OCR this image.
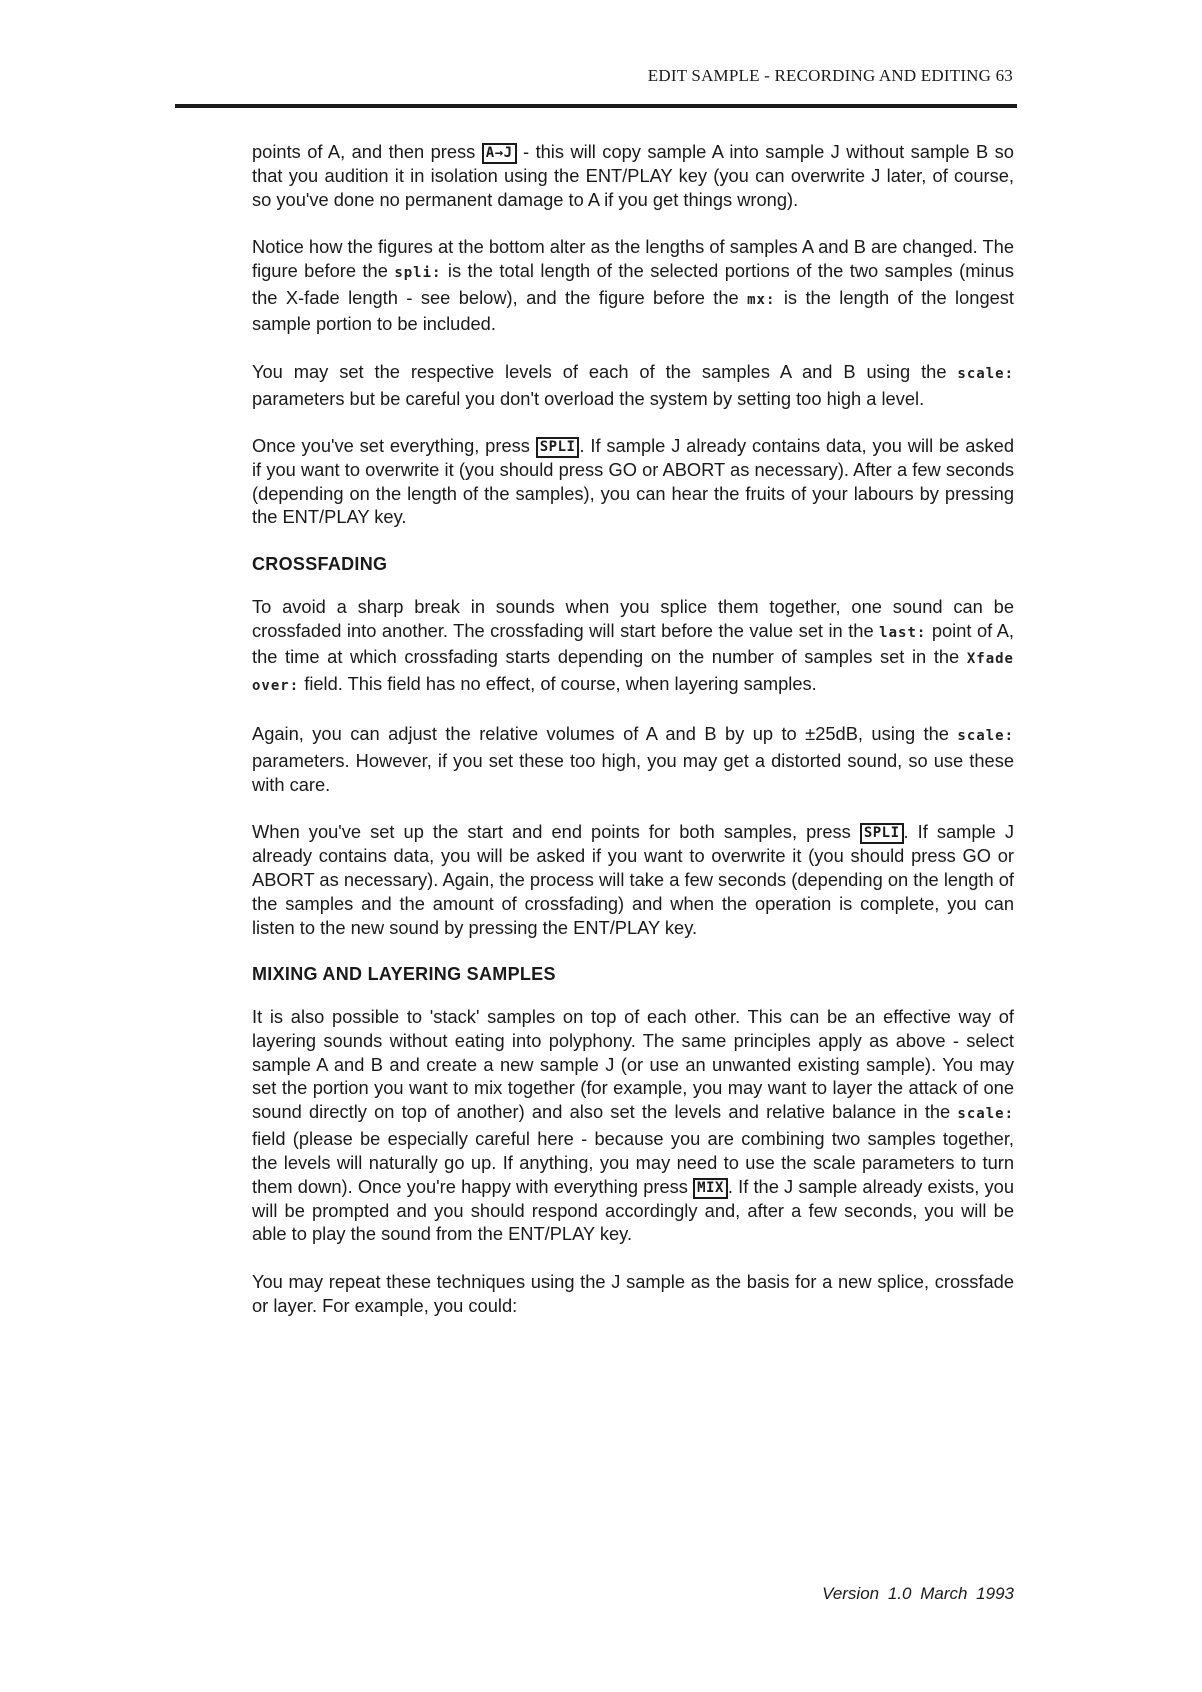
EDIT SAMPLE - RECORDING AND EDITING 63

points of A, and then press A→J - this will copy sample A into sample J without sample B so that you audition it in isolation using the ENT/PLAY key (you can overwrite J later, of course, so you've done no permanent damage to A if you get things wrong).

Notice how the figures at the bottom alter as the lengths of samples A and B are changed. The figure before the spli: is the total length of the selected portions of the two samples (minus the X-fade length - see below), and the figure before the mx: is the length of the longest sample portion to be included.

You may set the respective levels of each of the samples A and B using the scale: parameters but be careful you don't overload the system by setting too high a level.

Once you've set everything, press SPLI . If sample J already contains data, you will be asked if you want to overwrite it (you should press GO or ABORT as necessary). After a few seconds (depending on the length of the samples), you can hear the fruits of your labours by pressing the ENT/PLAY key.

CROSSFADING

To avoid a sharp break in sounds when you splice them together, one sound can be crossfaded into another. The crossfading will start before the value set in the last: point of A, the time at which crossfading starts depending on the number of samples set in the Xfade over: field. This field has no effect, of course, when layering samples.

Again, you can adjust the relative volumes of A and B by up to ±25dB, using the scale: parameters. However, if you set these too high, you may get a distorted sound, so use these with care.

When you've set up the start and end points for both samples, press SPLI . If sample J already contains data, you will be asked if you want to overwrite it (you should press GO or ABORT as necessary). Again, the process will take a few seconds (depending on the length of the samples and the amount of crossfading) and when the operation is complete, you can listen to the new sound by pressing the ENT/PLAY key.

MIXING AND LAYERING SAMPLES

It is also possible to 'stack' samples on top of each other. This can be an effective way of layering sounds without eating into polyphony. The same principles apply as above - select sample A and B and create a new sample J (or use an unwanted existing sample). You may set the portion you want to mix together (for example, you may want to layer the attack of one sound directly on top of another) and also set the levels and relative balance in the scale: field (please be especially careful here - because you are combining two samples together, the levels will naturally go up. If anything, you may need to use the scale parameters to turn them down). Once you're happy with everything press MIX . If the J sample already exists, you will be prompted and you should respond accordingly and, after a few seconds, you will be able to play the sound from the ENT/PLAY key.

You may repeat these techniques using the J sample as the basis for a new splice, crossfade or layer. For example, you could:

Version 1.0 March 1993
